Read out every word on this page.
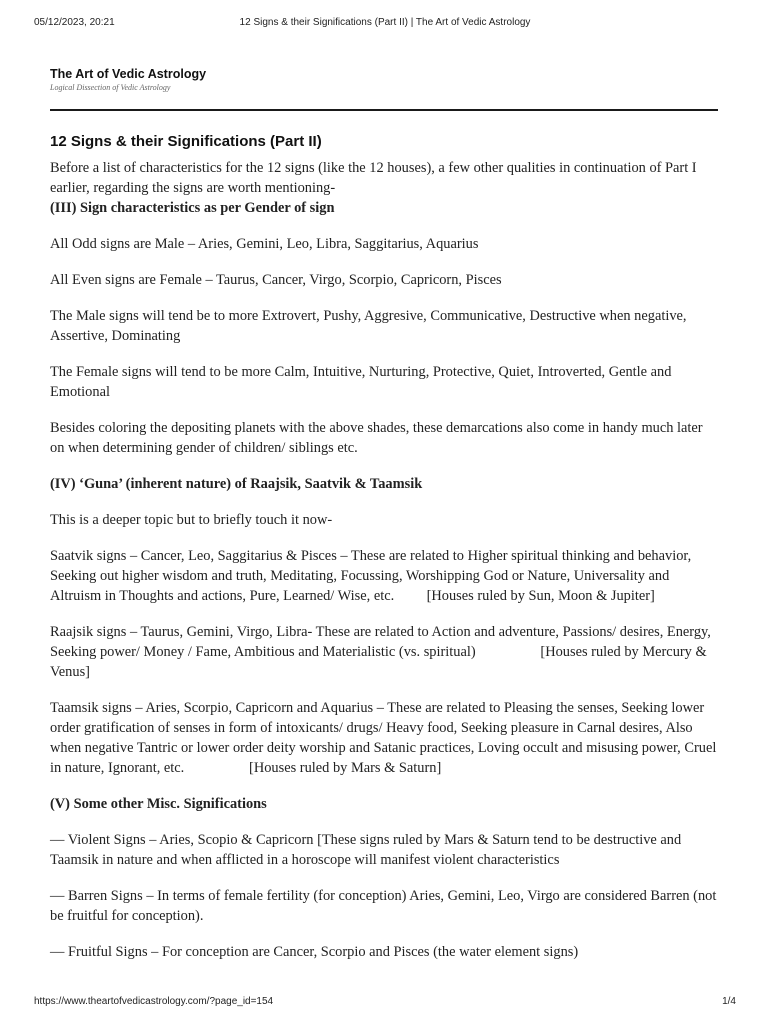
05/12/2023, 20:21	12 Signs & their Significations (Part II) | The Art of Vedic Astrology
The Art of Vedic Astrology
Logical Dissection of Vedic Astrology
12 Signs & their Significations (Part II)

Before a list of characteristics for the 12 signs (like the 12 houses), a few other qualities in continuation of Part I earlier, regarding the signs are worth mentioning-

(III) Sign characteristics as per Gender of sign

All Odd signs are Male – Aries, Gemini, Leo, Libra, Saggitarius, Aquarius

All Even signs are Female – Taurus, Cancer, Virgo, Scorpio, Capricorn, Pisces

The Male signs will tend be to more Extrovert, Pushy, Aggresive, Communicative, Destructive when negative, Assertive, Dominating

The Female signs will tend to be more Calm, Intuitive, Nurturing, Protective, Quiet, Introverted, Gentle and Emotional

Besides coloring the depositing planets with the above shades, these demarcations also come in handy much later on when determining gender of children/ siblings etc.

(IV) ‘Guna’ (inherent nature) of Raajsik, Saatvik & Taamsik

This is a deeper topic but to briefly touch it now-

Saatvik signs – Cancer, Leo, Saggitarius & Pisces – These are related to Higher spiritual thinking and behavior, Seeking out higher wisdom and truth, Meditating, Focussing, Worshipping God or Nature, Universality and Altruism in Thoughts and actions, Pure, Learned/ Wise, etc. [Houses ruled by Sun, Moon & Jupiter]

Raajsik signs – Taurus, Gemini, Virgo, Libra- These are related to Action and adventure, Passions/ desires, Energy, Seeking power/ Money / Fame, Ambitious and Materialistic (vs. spiritual)	[Houses ruled by Mercury & Venus]

Taamsik signs – Aries, Scorpio, Capricorn and Aquarius – These are related to Pleasing the senses, Seeking lower order gratification of senses in form of intoxicants/ drugs/ Heavy food, Seeking pleasure in Carnal desires, Also when negative Tantric or lower order deity worship and Satanic practices, Loving occult and misusing power, Cruel in nature, Ignorant, etc.	[Houses ruled by Mars & Saturn]

(V) Some other Misc. Significations

— Violent Signs – Aries, Scopio & Capricorn [These signs ruled by Mars & Saturn tend to be destructive and Taamsik in nature and when afflicted in a horoscope will manifest violent characteristics

— Barren Signs – In terms of female fertility (for conception) Aries, Gemini, Leo, Virgo are considered Barren (not be fruitful for conception).

— Fruitful Signs – For conception are Cancer, Scorpio and Pisces (the water element signs)

https://www.theartofvedicastrology.com/?page_id=154	1/4
